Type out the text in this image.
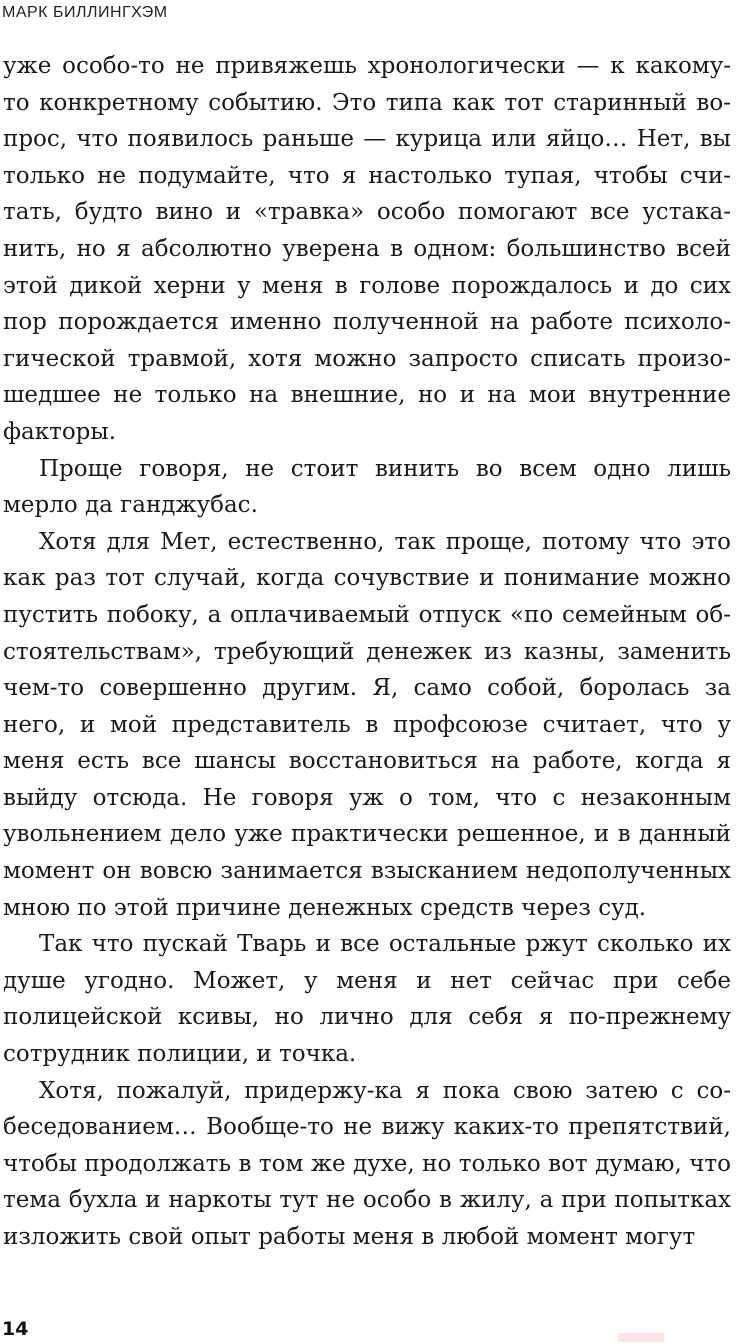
МАРК БИЛЛИНГХЭМ

уже особо-то не привяжешь хронологически — к какому-то конкретному событию. Это типа как тот старинный вопрос, что появилось раньше — курица или яйцо… Нет, вы только не подумайте, что я настолько тупая, чтобы считать, будто вино и «травка» особо помогают все устаканить, но я абсолютно уверена в одном: большинство всей этой дикой херни у меня в голове порождалось и до сих пор порождается именно полученной на работе психологической травмой, хотя можно запросто списать произошедшее не только на внешние, но и на мои внутренние факторы.

Проще говоря, не стоит винить во всем одно лишь мерло да ганджубас.

Хотя для Мет, естественно, так проще, потому что это как раз тот случай, когда сочувствие и понимание можно пустить побоку, а оплачиваемый отпуск «по семейным обстоятельствам», требующий денежек из казны, заменить чем-то совершенно другим. Я, само собой, боролась за него, и мой представитель в профсоюзе считает, что у меня есть все шансы восстановиться на работе, когда я выйду отсюда. Не говоря уж о том, что с незаконным увольнением дело уже практически решенное, и в данный момент он вовсю занимается взысканием недополученных мною по этой причине денежных средств через суд.

Так что пускай Тварь и все остальные ржут сколько их душе угодно. Может, у меня и нет сейчас при себе полицейской ксивы, но лично для себя я по-прежнему сотрудник полиции, и точка.

Хотя, пожалуй, придержу-ка я пока свою затею с собеседованием… Вообще-то не вижу каких-то препятствий, чтобы продолжать в том же духе, но только вот думаю, что тема бухла и наркоты тут не особо в жилу, а при попытках изложить свой опыт работы меня в любой момент могут

14
